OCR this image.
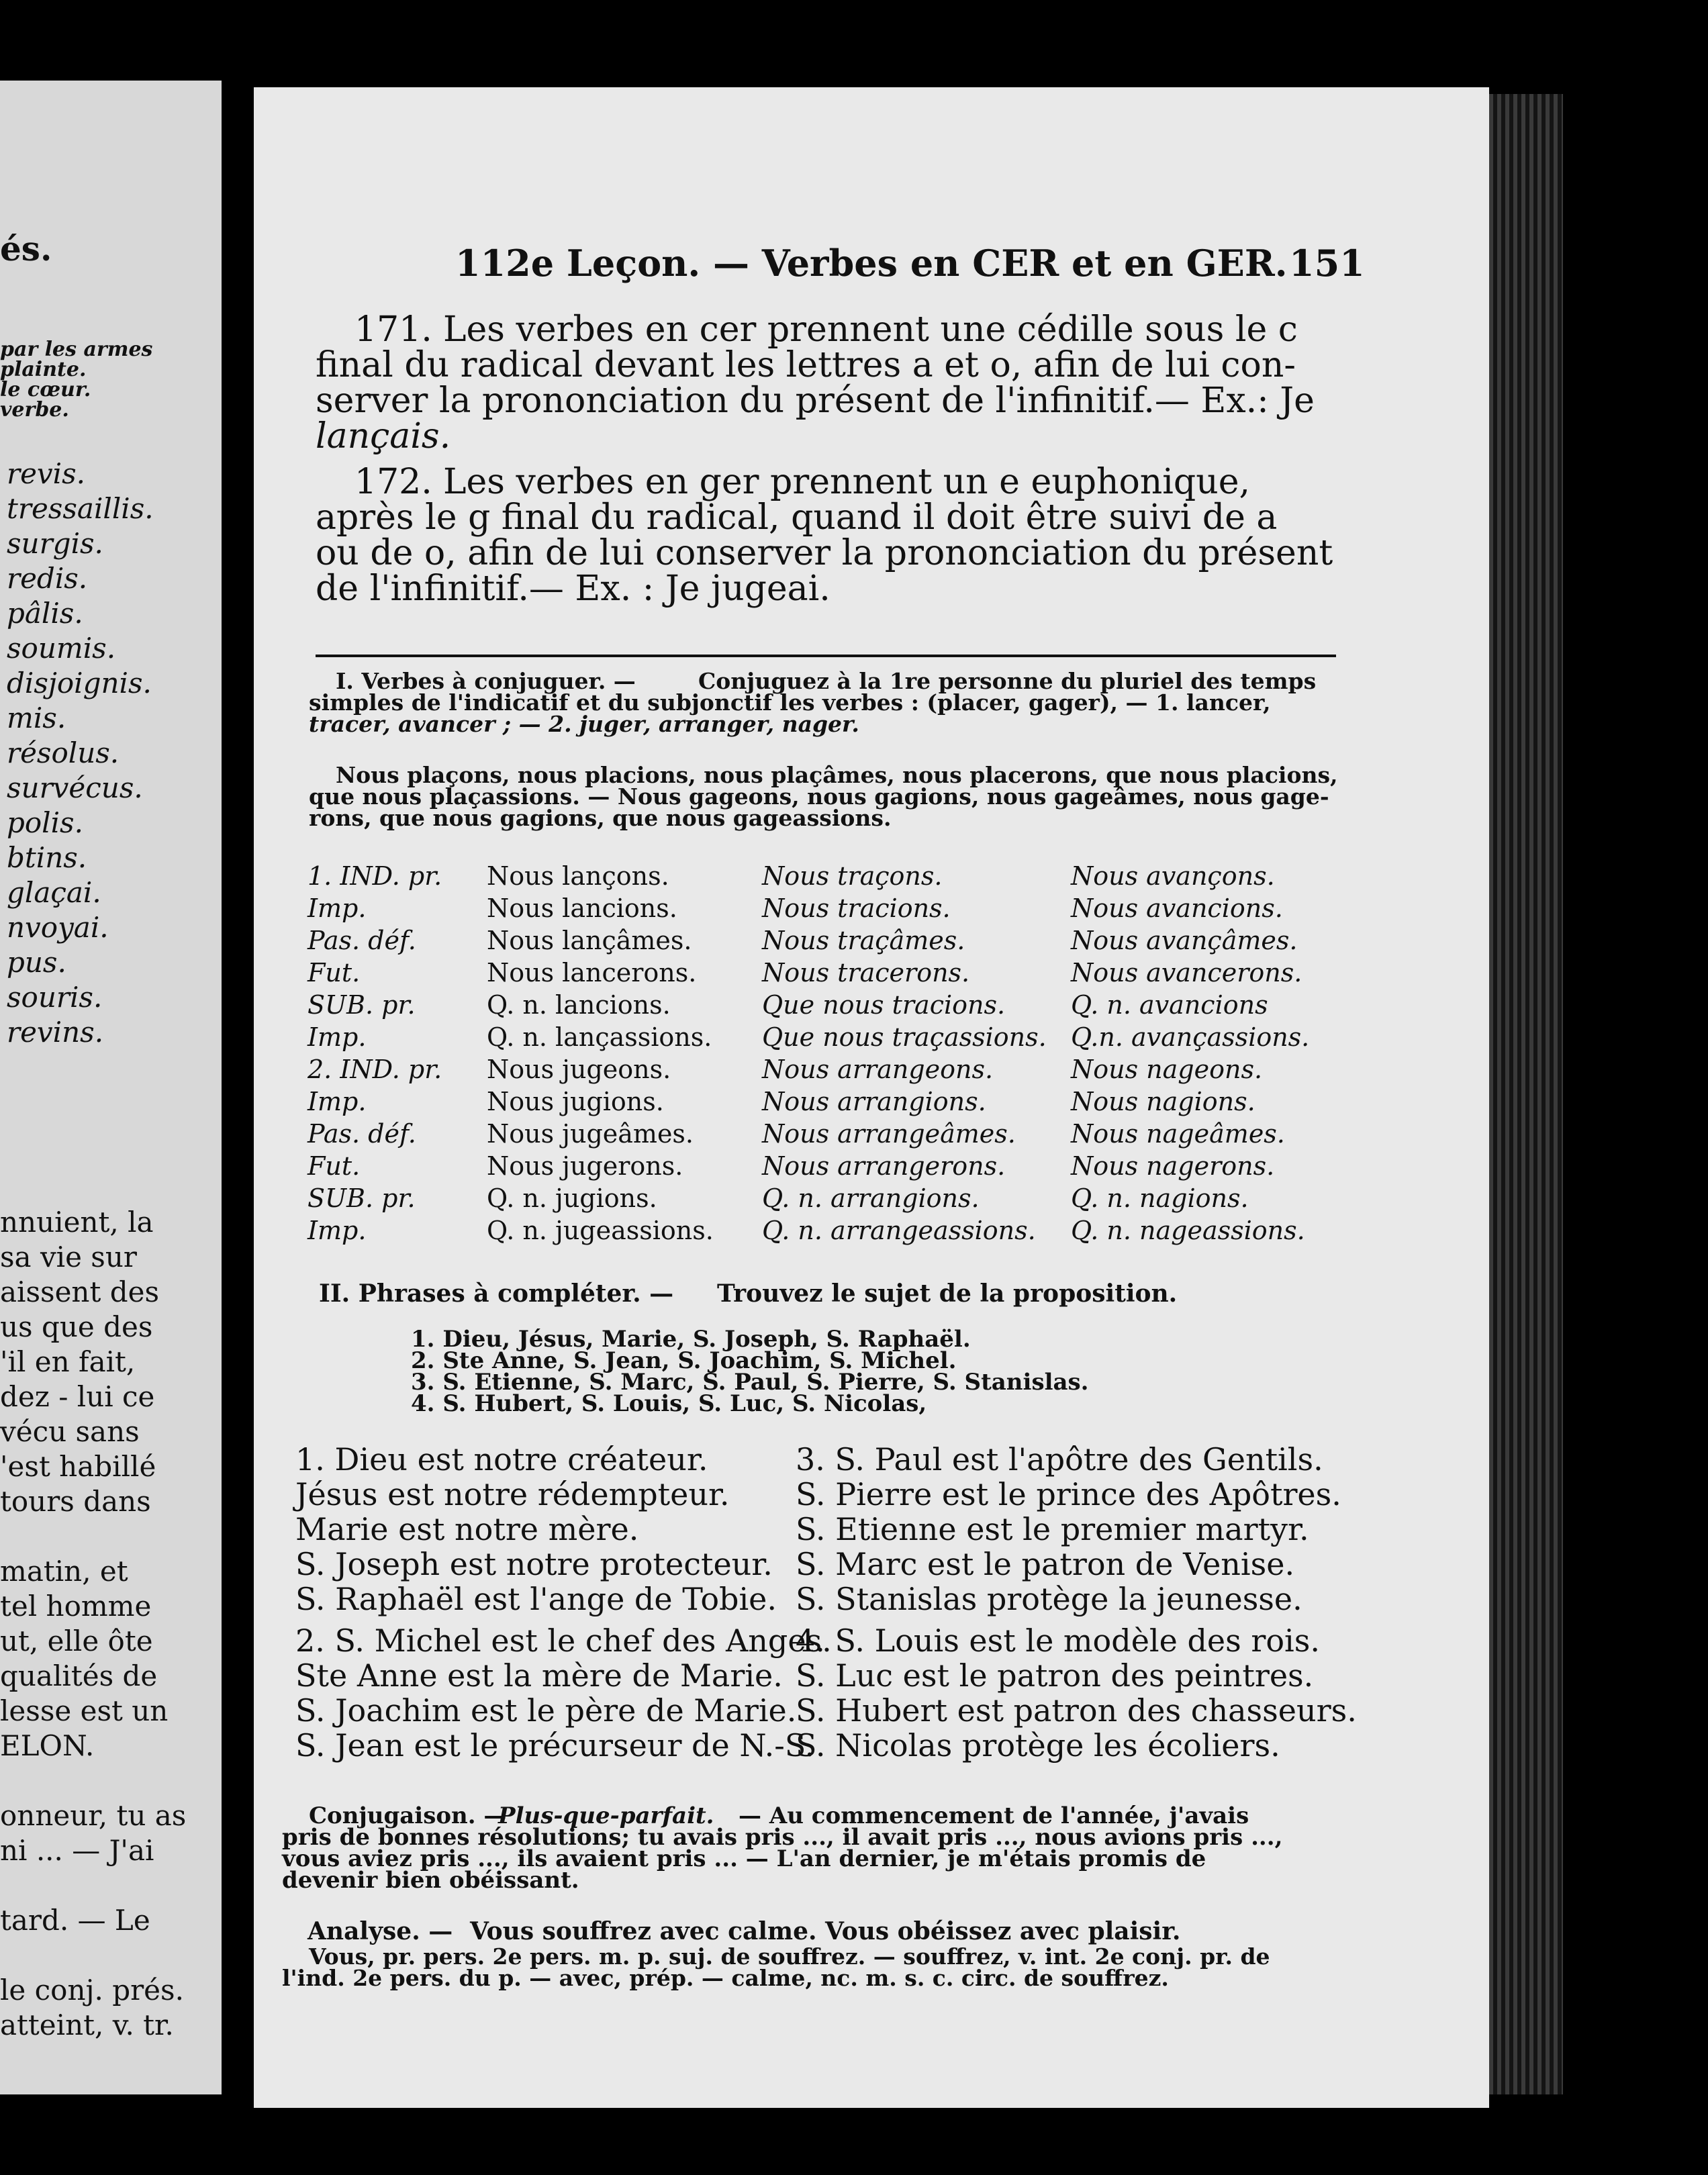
és.
par les armes
plainte.
le cœur.
verbe.
revis.
tressaillis.
surgis.
redis.
pâlis.
soumis.
disjoignis.
mis.
résolus.
survécus.
polis.
btins.
glaçai.
nvoyai.
pus.
souris.
revins.
nnuient, la
sa vie sur
aissent des
us que des
'il en fait,
dez - lui ce
vécu sans
'est habillé
tours dans
matin, et
tel homme
ut, elle ôte
qualités de
lesse est un
ELON.
onneur, tu as
ni ... — J'ai
tard. — Le
le conj. prés.
atteint, v. tr.
112e Leçon. — Verbes en CER et en GER. 151
171. Les verbes en cer prennent une cédille sous le c
final du radical devant les lettres a et o, afin de lui con-
server la prononciation du présent de l'infinitif.— Ex.: Je
lançais.
172. Les verbes en ger prennent un e euphonique,
après le g final du radical, quand il doit être suivi de a
ou de o, afin de lui conserver la prononciation du présent
de l'infinitif.— Ex. : Je jugeai.
I. Verbes à conjuguer. —	Conjuguez à la 1re personne du pluriel des temps
simples de l'indicatif et du subjonctif les verbes : (placer, gager), — 1. lancer,
tracer, avancer ; — 2. juger, arranger, nager.
Nous plaçons, nous placions, nous plaçâmes, nous placerons, que nous placions,
que nous plaçassions. — Nous gageons, nous gagions, nous gageâmes, nous gage-
rons, que nous gagions, que nous gageassions.
1. IND. pr. Nous lançons.	Nous traçons.	Nous avançons.
Imp.	Nous lancions.	Nous tracions.	Nous avancions.
Pas. déf.	Nous lançâmes.	Nous traçâmes.	Nous avançâmes.
Fut.	Nous lancerons.	Nous tracerons.	Nous avancerons.
SUB. pr.	Q. n. lancions.	Que nous tracions.	Q. n. avancions
Imp.	Q. n. lançassions. Que nous traçassions. Q.n. avançassions.
2. IND. pr. Nous jugeons.	Nous arrangeons.	Nous nageons.
Imp.	Nous jugions.	Nous arrangions.	Nous nagions.
Pas. déf.	Nous jugeâmes.	Nous arrangeâmes. Nous nageâmes.
Fut.	Nous jugerons.	Nous arrangerons.	Nous nagerons.
SUB. pr.	Q. n. jugions.	Q. n. arrangions.	Q. n. nagions.
Imp.	Q. n. jugeassions. Q. n. arrangeassions. Q. n. nageassions.
II. Phrases à compléter. — Trouvez le sujet de la proposition.
1. Dieu, Jésus, Marie, S. Joseph, S. Raphaël.
2. Ste Anne, S. Jean, S. Joachim, S. Michel.
3. S. Etienne, S. Marc, S. Paul, S. Pierre, S. Stanislas.
4. S. Hubert, S. Louis, S. Luc, S. Nicolas,
1. Dieu est notre créateur.
Jésus est notre rédempteur.
Marie est notre mère.
S. Joseph est notre protecteur.
S. Raphaël est l'ange de Tobie.
2. S. Michel est le chef des Anges.
Ste Anne est la mère de Marie.
S. Joachim est le père de Marie.
S. Jean est le précurseur de N.-S.
3. S. Paul est l'apôtre des Gentils.
S. Pierre est le prince des Apôtres.
S. Etienne est le premier martyr.
S. Marc est le patron de Venise.
S. Stanislas protège la jeunesse.
4. S. Louis est le modèle des rois.
S. Luc est le patron des peintres.
S. Hubert est patron des chasseurs.
S. Nicolas protège les écoliers.
Conjugaison. —
Plus-que-parfait. — Au commencement de l'année, j'avais
pris de bonnes résolutions; tu avais pris ..., il avait pris ..., nous avions pris ...,
vous aviez pris ..., ils avaient pris ... — L'an dernier, je m'étais promis de
devenir bien obéissant.
Analyse. — Vous souffrez avec calme. Vous obéissez avec plaisir.
Vous, pr. pers. 2e pers. m. p. suj. de souffrez. — souffrez, v. int. 2e conj. pr. de
l'ind. 2e pers. du p. — avec, prép. — calme, nc. m. s. c. circ. de souffrez.
